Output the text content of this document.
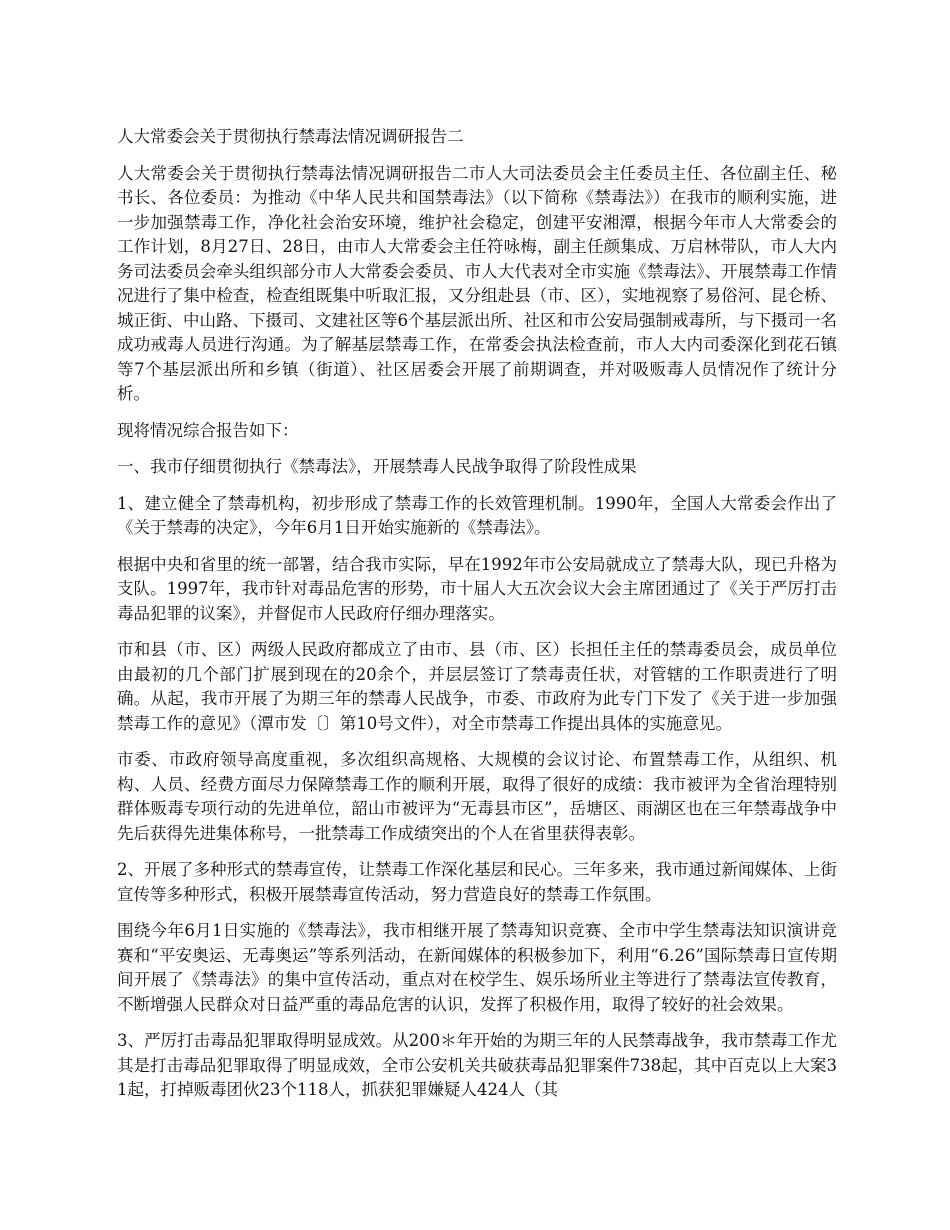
人大常委会关于贯彻执行禁毒法情况调研报告二

人大常委会关于贯彻执行禁毒法情况调研报告二市人大司法委员会主任委员主任、各位副主任、秘书长、各位委员：为推动《中华人民共和国禁毒法》（以下简称《禁毒法》）在我市的顺利实施，进一步加强禁毒工作，净化社会治安环境，维护社会稳定，创建平安湘潭，根据今年市人大常委会的工作计划，8月27日、28日，由市人大常委会主任符咏梅，副主任颜集成、万启林带队，市人大内务司法委员会牵头组织部分市人大常委会委员、市人大代表对全市实施《禁毒法》、开展禁毒工作情况进行了集中检查，检查组既集中听取汇报，又分组赴县（市、区），实地视察了易俗河、昆仑桥、城正街、中山路、下摄司、文建社区等6个基层派出所、社区和市公安局强制戒毒所，与下摄司一名成功戒毒人员进行沟通。为了解基层禁毒工作，在常委会执法检查前，市人大内司委深化到花石镇等7个基层派出所和乡镇（街道）、社区居委会开展了前期调查，并对吸贩毒人员情况作了统计分析。

现将情况综合报告如下：

一、我市仔细贯彻执行《禁毒法》，开展禁毒人民战争取得了阶段性成果

1、建立健全了禁毒机构，初步形成了禁毒工作的长效管理机制。1990年，全国人大常委会作出了《关于禁毒的决定》，今年6月1日开始实施新的《禁毒法》。

根据中央和省里的统一部署，结合我市实际，早在1992年市公安局就成立了禁毒大队，现已升格为支队。1997年，我市针对毒品危害的形势，市十届人大五次会议大会主席团通过了《关于严厉打击毒品犯罪的议案》，并督促市人民政府仔细办理落实。

市和县（市、区）两级人民政府都成立了由市、县（市、区）长担任主任的禁毒委员会，成员单位由最初的几个部门扩展到现在的20余个，并层层签订了禁毒责任状，对管辖的工作职责进行了明确。从起，我市开展了为期三年的禁毒人民战争，市委、市政府为此专门下发了《关于进一步加强禁毒工作的意见》（潭市发〔〕第10号文件），对全市禁毒工作提出具体的实施意见。

市委、市政府领导高度重视，多次组织高规格、大规模的会议讨论、布置禁毒工作，从组织、机构、人员、经费方面尽力保障禁毒工作的顺利开展，取得了很好的成绩：我市被评为全省治理特别群体贩毒专项行动的先进单位，韶山市被评为“无毒县市区”，岳塘区、雨湖区也在三年禁毒战争中先后获得先进集体称号，一批禁毒工作成绩突出的个人在省里获得表彰。

2、开展了多种形式的禁毒宣传，让禁毒工作深化基层和民心。三年多来，我市通过新闻媒体、上街宣传等多种形式，积极开展禁毒宣传活动，努力营造良好的禁毒工作氛围。

围绕今年6月1日实施的《禁毒法》，我市相继开展了禁毒知识竞赛、全市中学生禁毒法知识演讲竞赛和“平安奥运、无毒奥运”等系列活动，在新闻媒体的积极参加下，利用“6.26”国际禁毒日宣传期间开展了《禁毒法》的集中宣传活动，重点对在校学生、娱乐场所业主等进行了禁毒法宣传教育，不断增强人民群众对日益严重的毒品危害的认识，发挥了积极作用，取得了较好的社会效果。

3、严厉打击毒品犯罪取得明显成效。从200＊年开始的为期三年的人民禁毒战争，我市禁毒工作尤其是打击毒品犯罪取得了明显成效，全市公安机关共破获毒品犯罪案件738起，其中百克以上大案31起，打掉贩毒团伙23个118人，抓获犯罪嫌疑人424人（其
